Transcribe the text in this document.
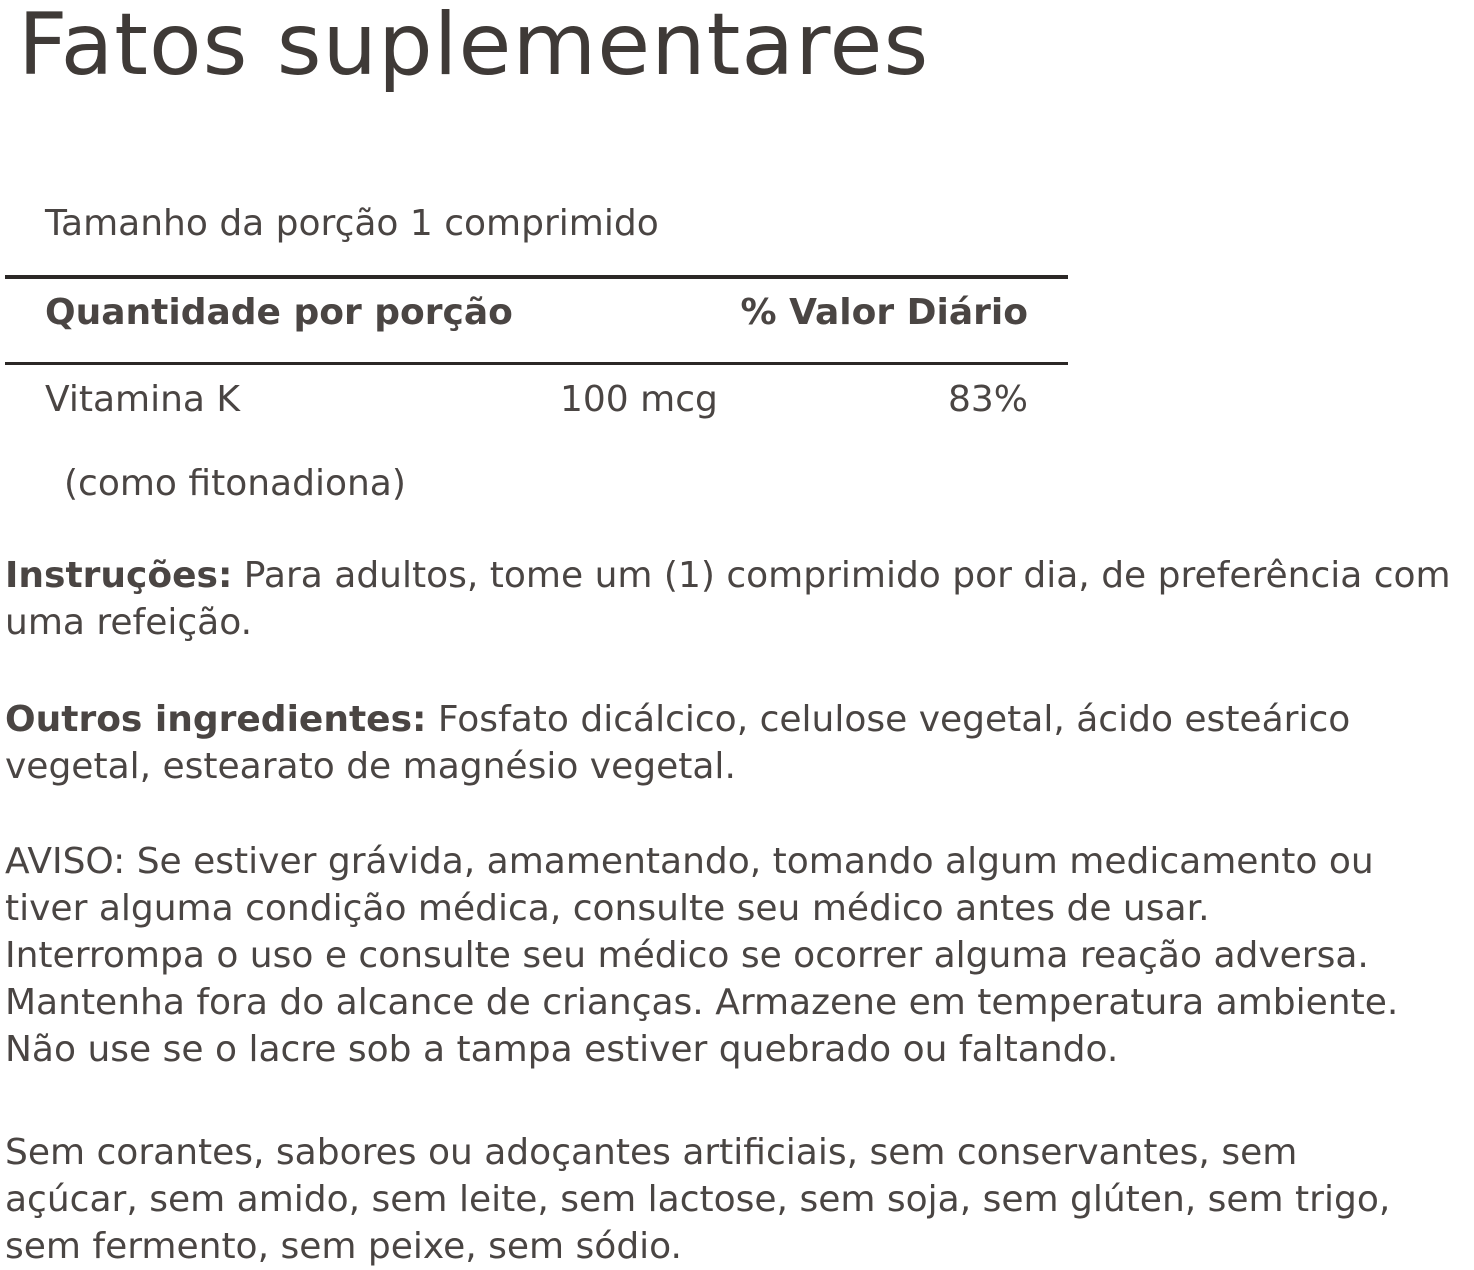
Fatos suplementares
Tamanho da porção 1 comprimido
Quantidade por porção	% Valor Diário
Vitamina K	100 mcg	83%
(como fitonadiona)

Instruções: Para adultos, tome um (1) comprimido por dia, de preferência com uma refeição.

Outros ingredientes: Fosfato dicálcico, celulose vegetal, ácido esteárico vegetal, estearato de magnésio vegetal.

AVISO: Se estiver grávida, amamentando, tomando algum medicamento ou
tiver alguma condição médica, consulte seu médico antes de usar.
Interrompa o uso e consulte seu médico se ocorrer alguma reação adversa.
Mantenha fora do alcance de crianças. Armazene em temperatura ambiente.
Não use se o lacre sob a tampa estiver quebrado ou faltando.
Sem corantes, sabores ou adoçantes artificiais, sem conservantes, sem
açúcar, sem amido, sem leite, sem lactose, sem soja, sem glúten, sem trigo,
sem fermento, sem peixe, sem sódio.
